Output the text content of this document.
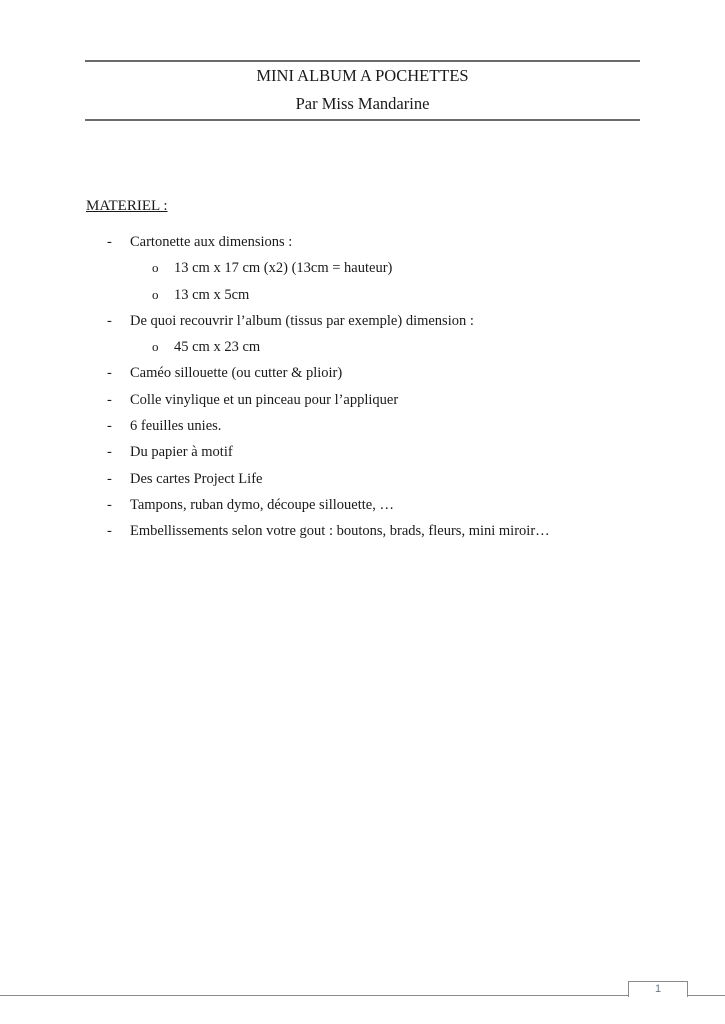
MINI ALBUM A POCHETTES
Par Miss Mandarine
MATERIEL :
- Cartonette aux dimensions :
o 13 cm x 17 cm (x2) (13cm = hauteur)
o 13 cm x 5cm
- De quoi recouvrir l’album (tissus par exemple) dimension :
o 45 cm x 23 cm
- Caméo sillouette (ou cutter & plioir)
- Colle vinylique et un pinceau pour l’appliquer
- 6 feuilles unies.
- Du papier à motif
- Des cartes Project Life
- Tampons, ruban dymo, découpe sillouette, …
- Embellissements selon votre gout : boutons, brads, fleurs, mini miroir…
1
